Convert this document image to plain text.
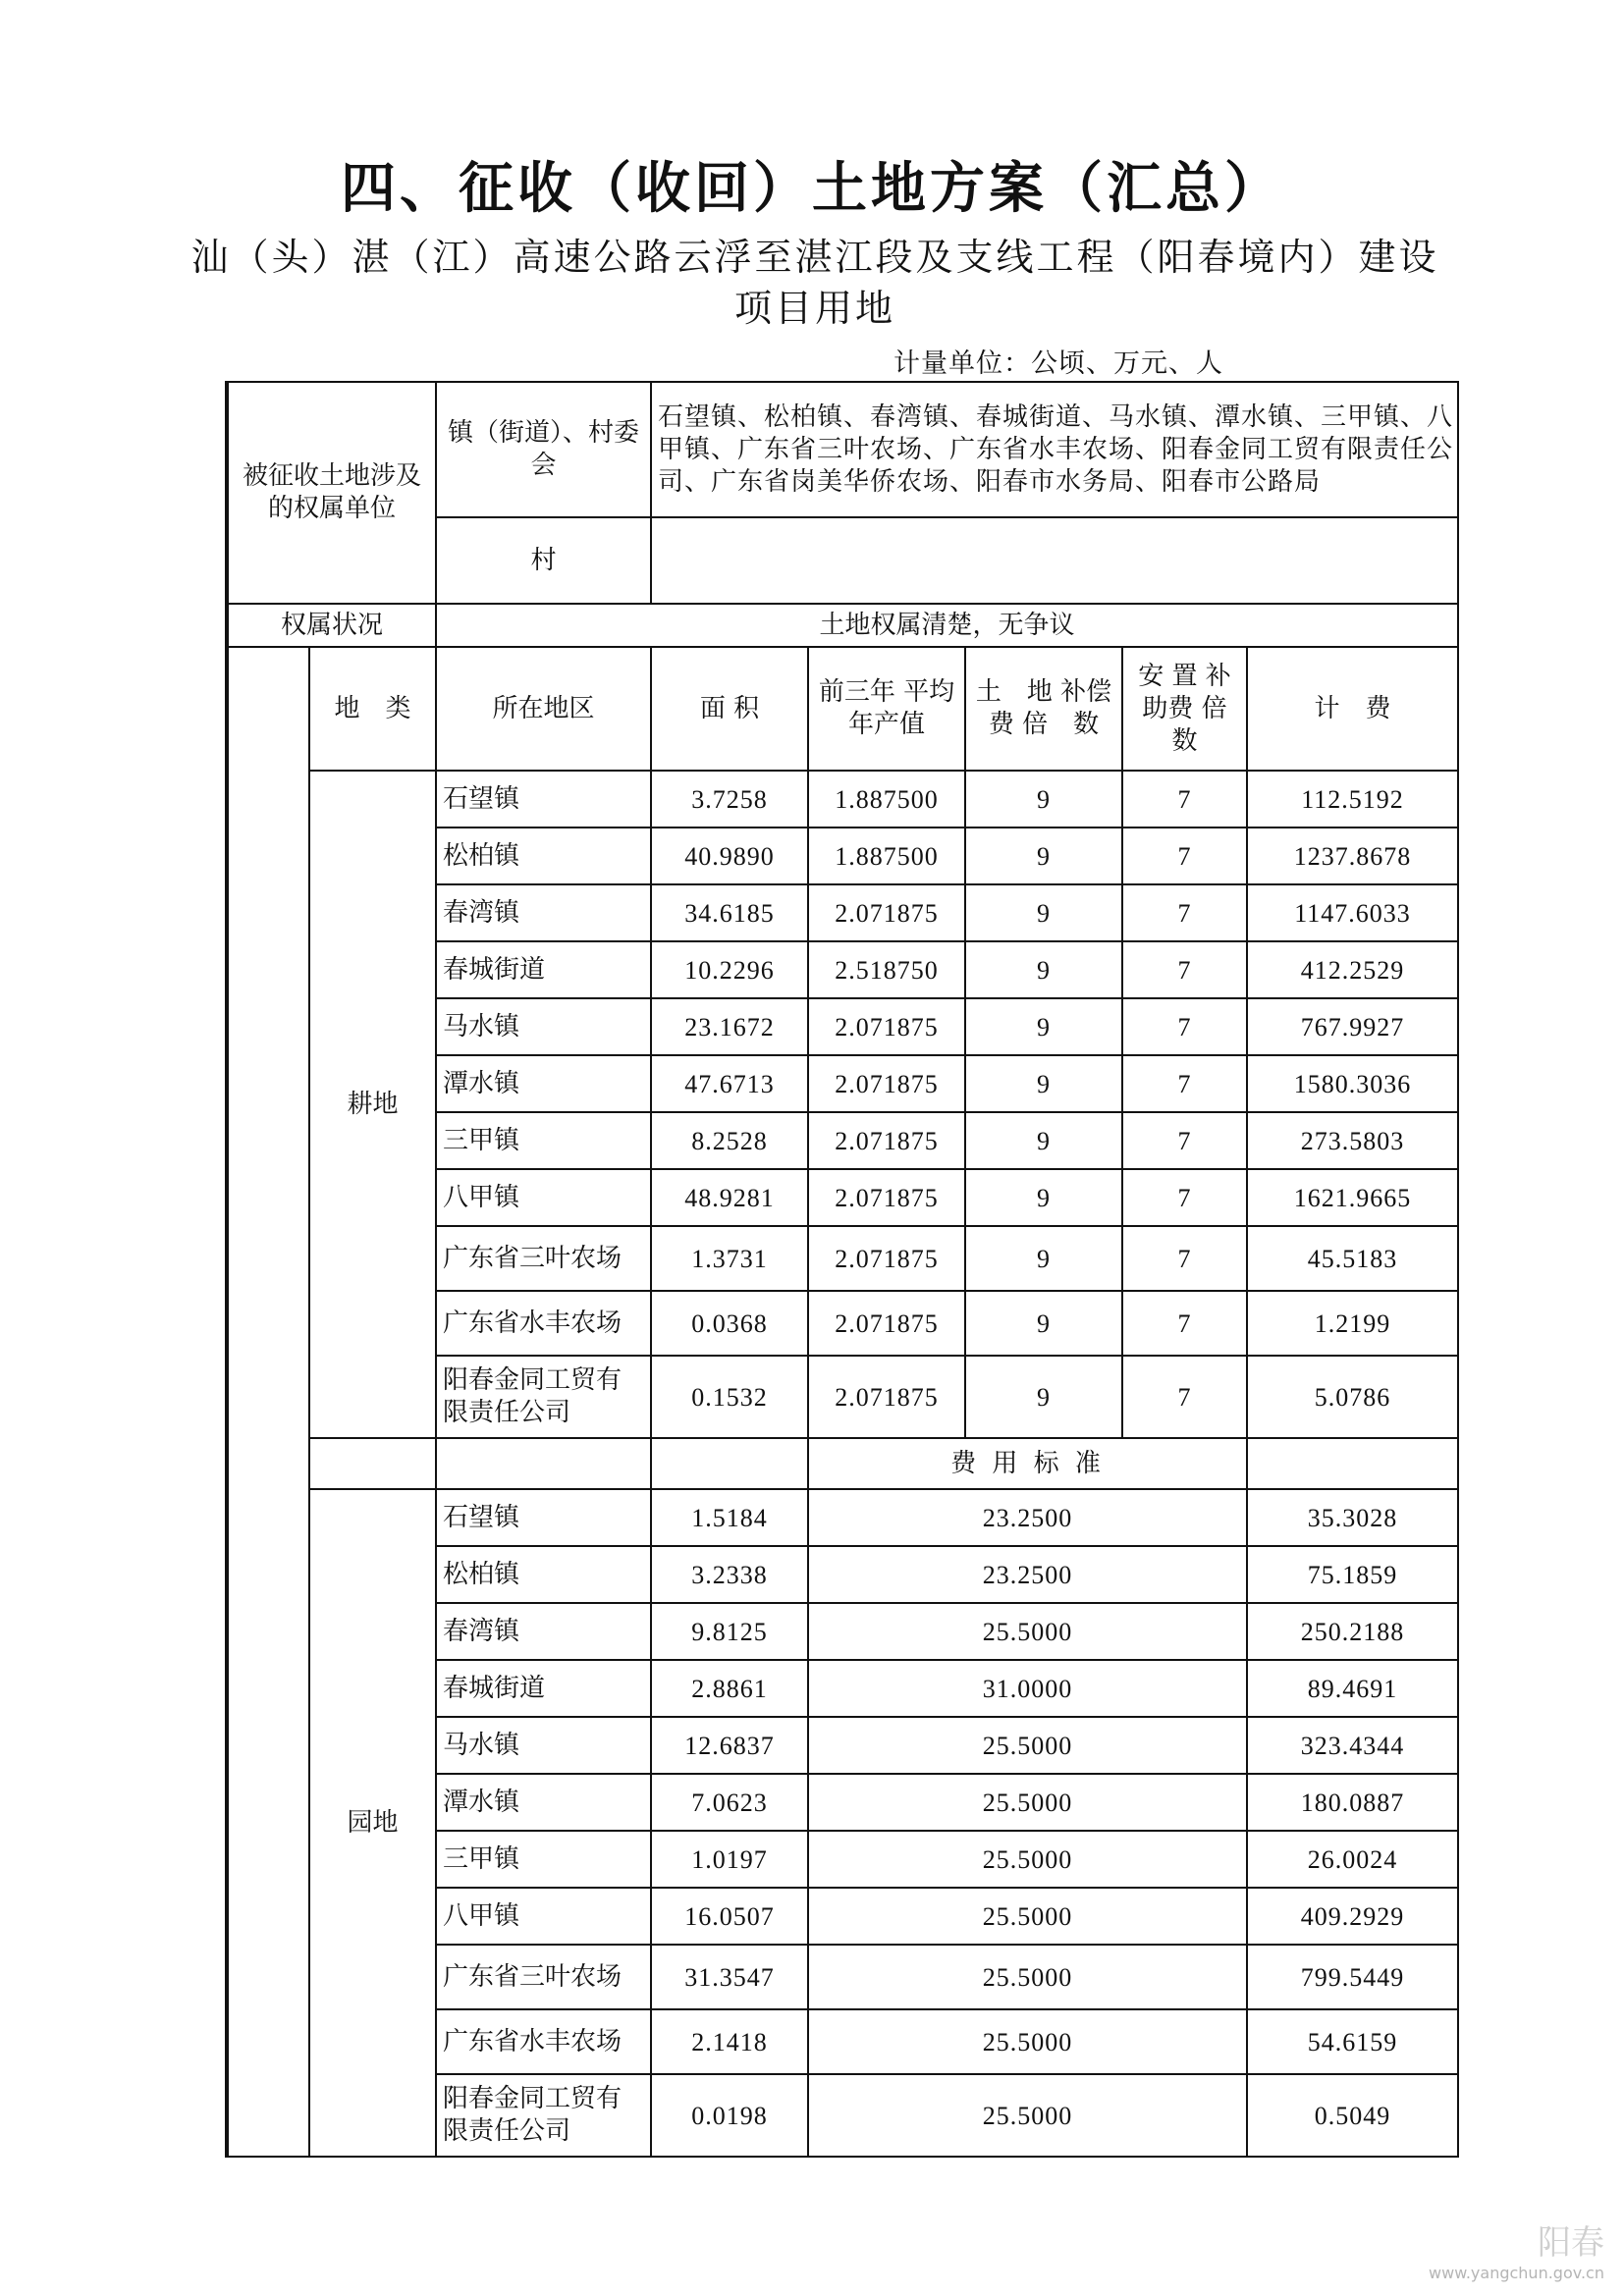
四、征收（收回）土地方案（汇总）
汕（头）湛（江）高速公路云浮至湛江段及支线工程（阳春境内）建设项目用地
计量单位：公顷、万元、人
被征收土地涉及的权属单位		镇（街道）、村委会	石望镇、松柏镇、春湾镇、春城街道、马水镇、潭水镇、三甲镇、八甲镇、广东省三叶农场、广东省水丰农场、阳春金同工贸有限责任公司、广东省岗美华侨农场、阳春市水务局、阳春市公路局				
		村					
权属状况		土地权属清楚，无争议					
	地　类	所在地区	面 积	前三年 平均年产值	土　地 补偿费 倍　数	安 置 补助费 倍 数	计　费
	耕地	石望镇	3.7258	1.887500	9	7	112.5192
		松柏镇	40.9890	1.887500	9	7	1237.8678
		春湾镇	34.6185	2.071875	9	7	1147.6033
		春城街道	10.2296	2.518750	9	7	412.2529
		马水镇	23.1672	2.071875	9	7	767.9927
		潭水镇	47.6713	2.071875	9	7	1580.3036
		三甲镇	8.2528	2.071875	9	7	273.5803
		八甲镇	48.9281	2.071875	9	7	1621.9665
		广东省三叶农场	1.3731	2.071875	9	7	45.5183
		广东省水丰农场	0.0368	2.071875	9	7	1.2199
		阳春金同工贸有限责任公司	0.1532	2.071875	9	7	5.0786
				费 用 标 准			
	园地	石望镇	1.5184	23.2500			35.3028
		松柏镇	3.2338	23.2500			75.1859
		春湾镇	9.8125	25.5000			250.2188
		春城街道	2.8861	31.0000			89.4691
		马水镇	12.6837	25.5000			323.4344
		潭水镇	7.0623	25.5000			180.0887
		三甲镇	1.0197	25.5000			26.0024
		八甲镇	16.0507	25.5000			409.2929
		广东省三叶农场	31.3547	25.5000			799.5449
		广东省水丰农场	2.1418	25.5000			54.6159
		阳春金同工贸有限责任公司	0.0198	25.5000			0.5049
阳春
www.yangchun.gov.cn
